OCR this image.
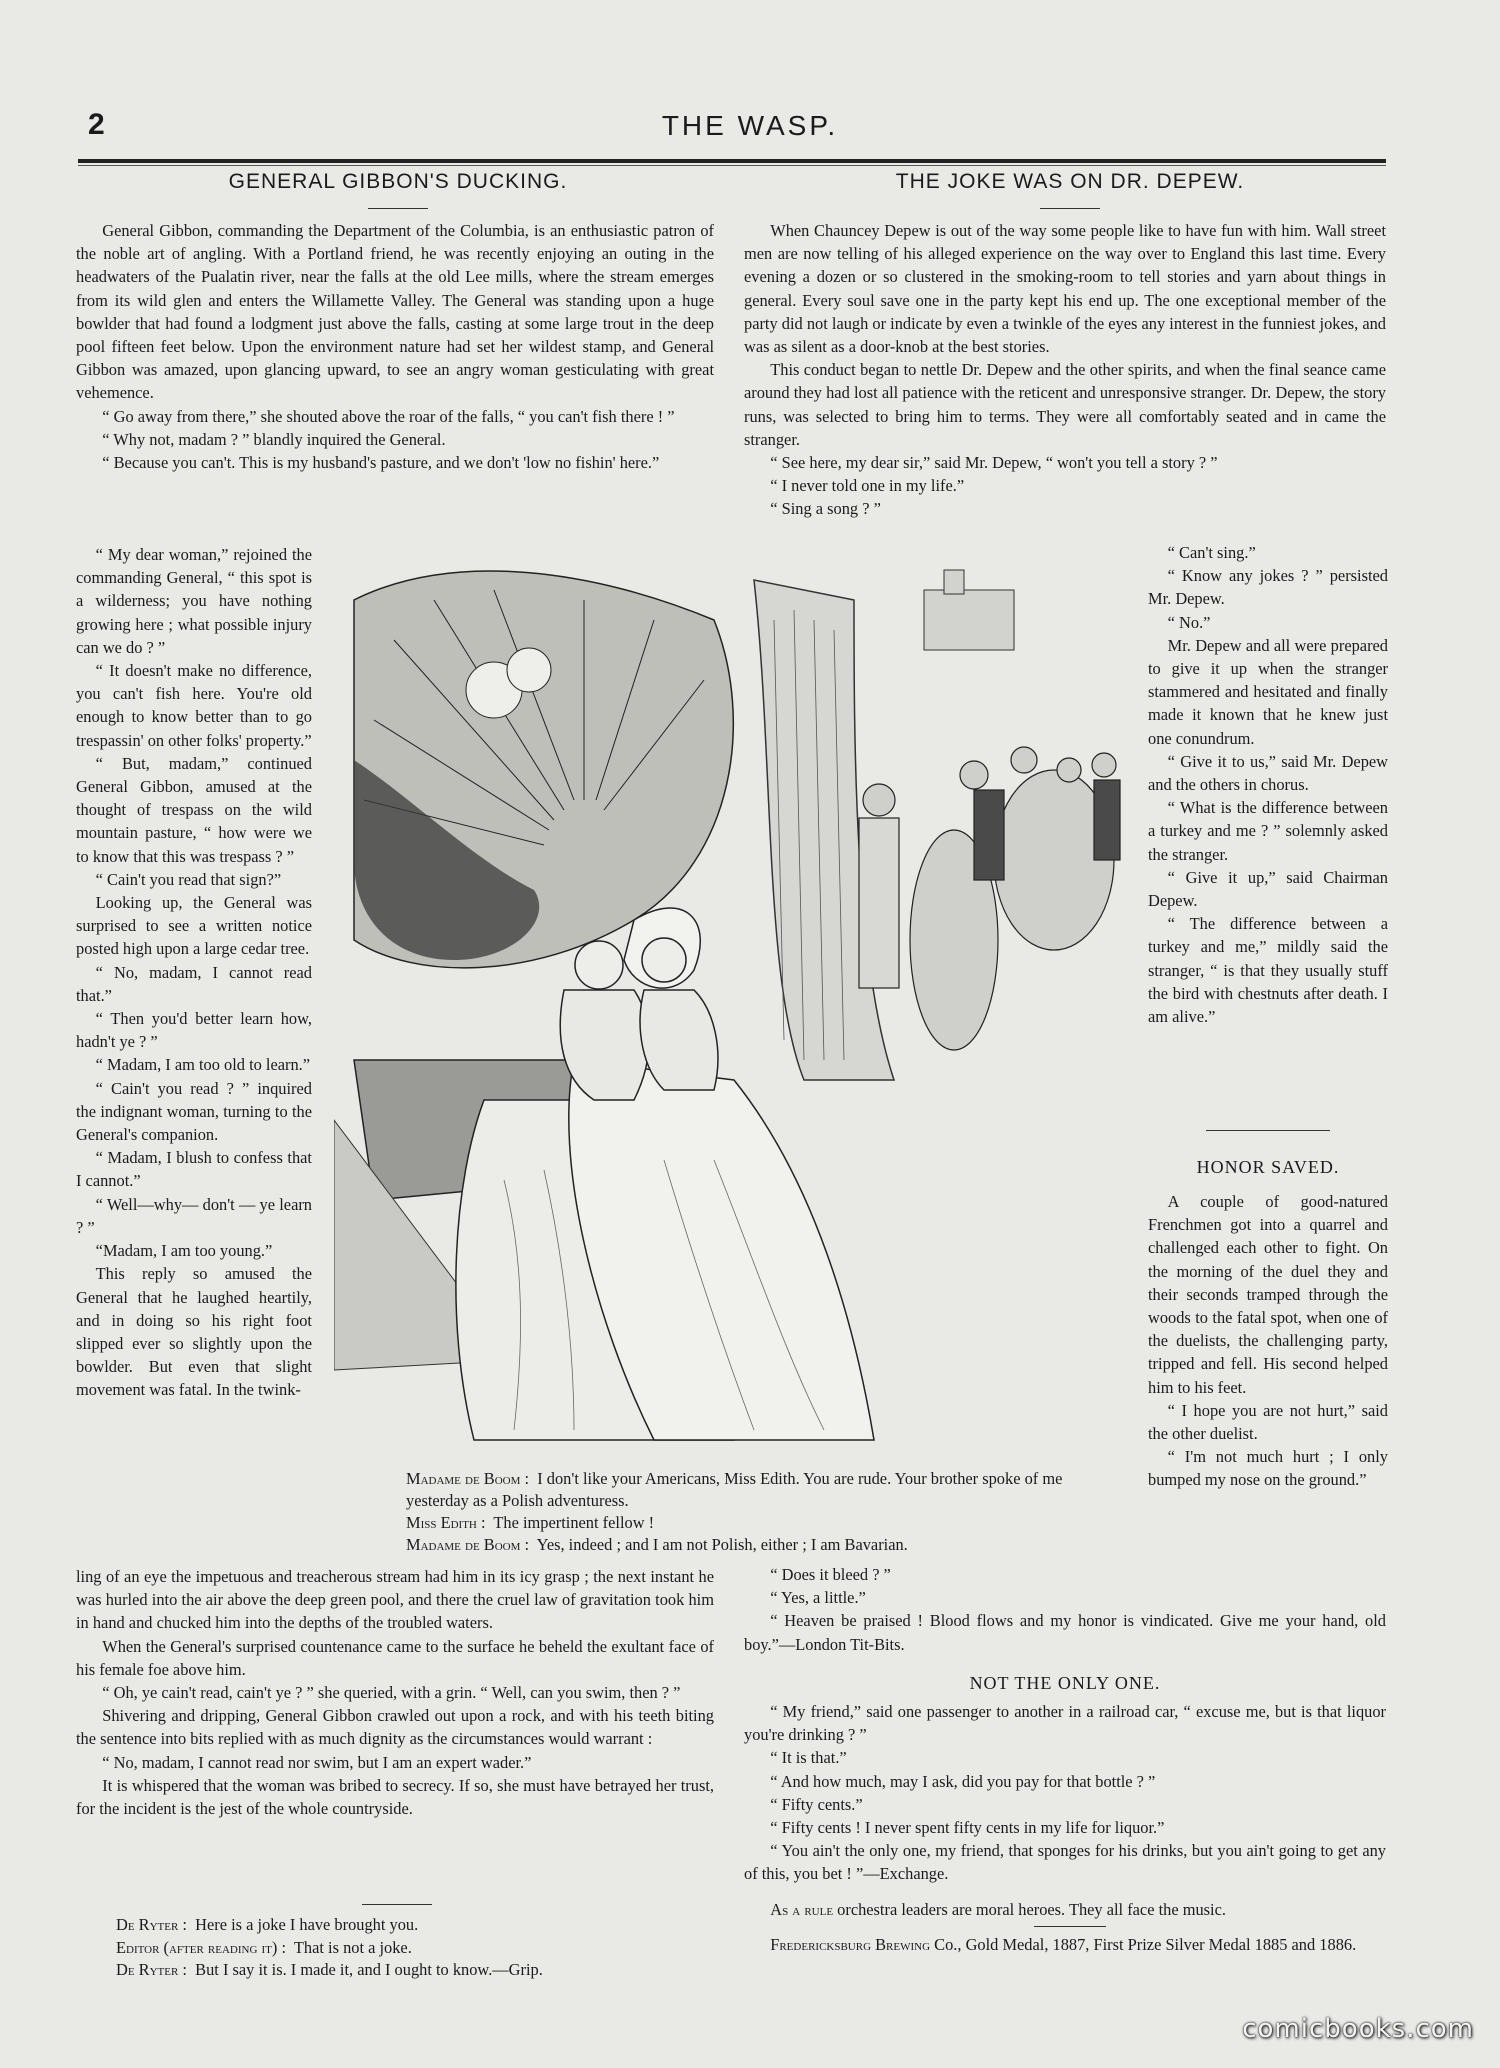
2	THE WASP.
GENERAL GIBBON'S DUCKING.

General Gibbon, commanding the Department of the Columbia, is an enthusiastic patron of the noble art of angling. With a Portland friend, he was recently enjoying an outing in the headwaters of the Pualatin river, near the falls at the old Lee mills, where the stream emerges from its wild glen and enters the Willamette Valley. The General was standing upon a huge bowlder that had found a lodgment just above the falls, casting at some large trout in the deep pool fifteen feet below. Upon the environment nature had set her wildest stamp, and General Gibbon was amazed, upon glancing upward, to see an angry woman gesticulating with great vehemence.

“ Go away from there,” she shouted above the roar of the falls, “ you can't fish there ! ”

“ Why not, madam ? ” blandly inquired the General.

“ Because you can't. This is my husband's pasture, and we don't 'low no fishin' here.”

“ My dear woman,” rejoined the commanding General, “ this spot is a wilderness; you have nothing growing here ; what possible injury can we do ? ”

“ It doesn't make no difference, you can't fish here. You're old enough to know better than to go trespassin' on other folks' property.”

“ But, madam,” continued General Gibbon, amused at the thought of trespass on the wild mountain pasture, “ how were we to know that this was trespass ? ”

“ Cain't you read that sign?”

Looking up, the General was surprised to see a written notice posted high upon a large cedar tree.

“ No, madam, I cannot read that.”

“ Then you'd better learn how, hadn't ye ? ”

“ Madam, I am too old to learn.”

“ Cain't you read ? ” inquired the indignant woman, turning to the General's companion.

“ Madam, I blush to confess that I cannot.”

“ Well—why— don't — ye learn ? ”

“Madam, I am too young.”

This reply so amused the General that he laughed heartily, and in doing so his right foot slipped ever so slightly upon the bowlder. But even that slight movement was fatal. In the twink-

ling of an eye the impetuous and treacherous stream had him in its icy grasp ; the next instant he was hurled into the air above the deep green pool, and there the cruel law of gravitation took him in hand and chucked him into the depths of the troubled waters.

When the General's surprised countenance came to the surface he beheld the exultant face of his female foe above him.

“ Oh, ye cain't read, cain't ye ? ” she queried, with a grin. “ Well, can you swim, then ? ”

Shivering and dripping, General Gibbon crawled out upon a rock, and with his teeth biting the sentence into bits replied with as much dignity as the circumstances would warrant :

“ No, madam, I cannot read nor swim, but I am an expert wader.”

It is whispered that the woman was bribed to secrecy. If so, she must have betrayed her trust, for the incident is the jest of the whole countryside.

De Ryter : Here is a joke I have brought you.
Editor (after reading it) : That is not a joke.
De Ryter : But I say it is. I made it, and I ought to know.—Grip.
THE JOKE WAS ON DR. DEPEW.

When Chauncey Depew is out of the way some people like to have fun with him. Wall street men are now telling of his alleged experience on the way over to England this last time. Every evening a dozen or so clustered in the smoking-room to tell stories and yarn about things in general. Every soul save one in the party kept his end up. The one exceptional member of the party did not laugh or indicate by even a twinkle of the eyes any interest in the funniest jokes, and was as silent as a door-knob at the best stories.

This conduct began to nettle Dr. Depew and the other spirits, and when the final seance came around they had lost all patience with the reticent and unresponsive stranger. Dr. Depew, the story runs, was selected to bring him to terms. They were all comfortably seated and in came the stranger.

“ See here, my dear sir,” said Mr. Depew, “ won't you tell a story ? ”

“ I never told one in my life.”

“ Sing a song ? ”

“ Can't sing.”

“ Know any jokes ? ” persisted Mr. Depew.

“ No.”

Mr. Depew and all were prepared to give it up when the stranger stammered and hesitated and finally made it known that he knew just one conundrum.

“ Give it to us,” said Mr. Depew and the others in chorus.

“ What is the difference between a turkey and me ? ” solemnly asked the stranger.

“ Give it up,” said Chairman Depew.

“ The difference between a turkey and me,” mildly said the stranger, “ is that they usually stuff the bird with chestnuts after death. I am alive.”

HONOR SAVED.

A couple of good-natured Frenchmen got into a quarrel and challenged each other to fight. On the morning of the duel they and their seconds tramped through the woods to the fatal spot, when one of the duelists, the challenging party, tripped and fell. His second helped him to his feet.

“ I hope you are not hurt,” said the other duelist.

“ I'm not much hurt ; I only bumped my nose on the ground.”

“ Does it bleed ? ”

“ Yes, a little.”

“ Heaven be praised ! Blood flows and my honor is vindicated. Give me your hand, old boy.”—London Tit-Bits.

NOT THE ONLY ONE.

“ My friend,” said one passenger to another in a railroad car, “ excuse me, but is that liquor you're drinking ? ”

“ It is that.”

“ And how much, may I ask, did you pay for that bottle ? ”

“ Fifty cents.”

“ Fifty cents ! I never spent fifty cents in my life for liquor.”

“ You ain't the only one, my friend, that sponges for his drinks, but you ain't going to get any of this, you bet ! ”—Exchange.

As a rule orchestra leaders are moral heroes. They all face the music.

Fredericksburg Brewing Co., Gold Medal, 1887, First Prize Silver Medal 1885 and 1886.

Madame de Boom : I don't like your Americans, Miss Edith. You are rude. Your brother spoke of me yesterday as a Polish adventuress.
Miss Edith : The impertinent fellow !
Madame de Boom : Yes, indeed ; and I am not Polish, either ; I am Bavarian.
comicbooks.com
